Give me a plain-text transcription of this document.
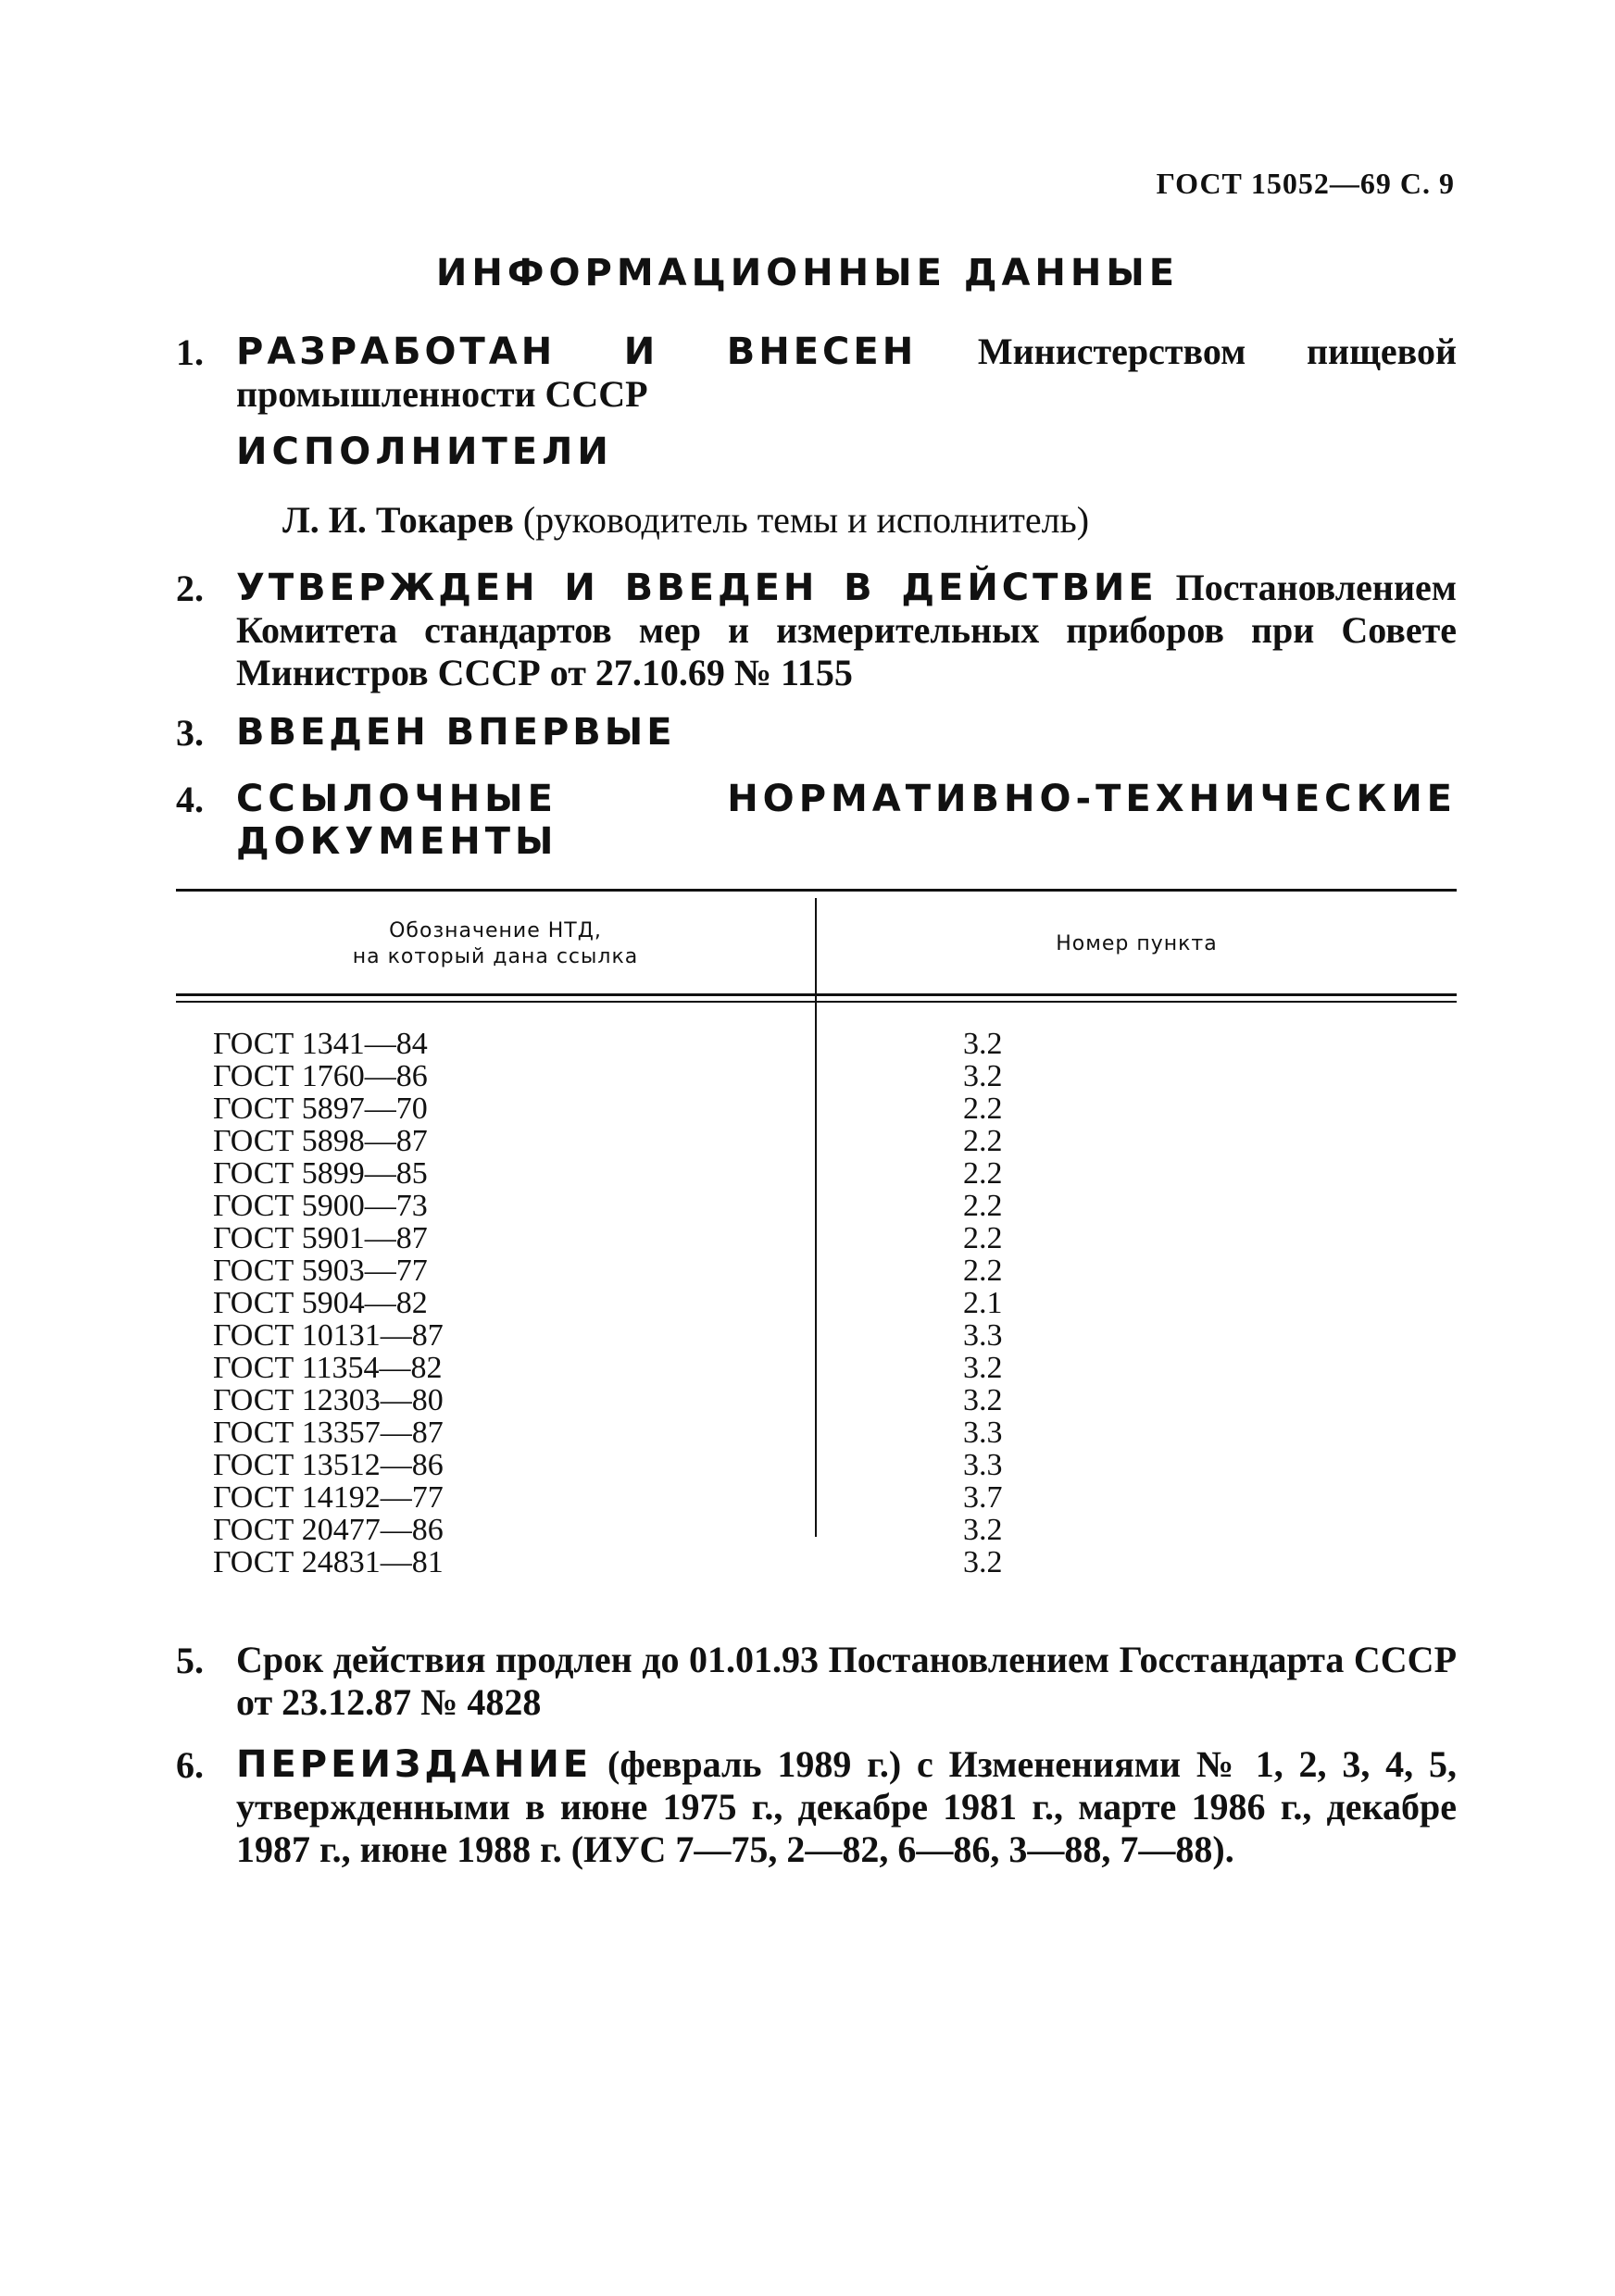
ГОСТ 15052—69 С. 9
ИНФОРМАЦИОННЫЕ ДАННЫЕ
1. РАЗРАБОТАН И ВНЕСЕН Министерством пищевой промышленности СССР
ИСПОЛНИТЕЛИ
Л. И. Токарев (руководитель темы и исполнитель)
2. УТВЕРЖДЕН И ВВЕДЕН В ДЕЙСТВИЕ Постановлением Комитета стандартов мер и измерительных приборов при Совете Министров СССР от 27.10.69 № 1155
3. ВВЕДЕН ВПЕРВЫЕ
4. ССЫЛОЧНЫЕ НОРМАТИВНО-ТЕХНИЧЕСКИЕ ДОКУМЕНТЫ
Обозначение НТД,
на который дана ссылка
Номер пункта
ГОСТ 1341—84	3.2
ГОСТ 1760—86	3.2
ГОСТ 5897—70	2.2
ГОСТ 5898—87	2.2
ГОСТ 5899—85	2.2
ГОСТ 5900—73	2.2
ГОСТ 5901—87	2.2
ГОСТ 5903—77	2.2
ГОСТ 5904—82	2.1
ГОСТ 10131—87	3.3
ГОСТ 11354—82	3.2
ГОСТ 12303—80	3.2
ГОСТ 13357—87	3.3
ГОСТ 13512—86	3.3
ГОСТ 14192—77	3.7
ГОСТ 20477—86	3.2
ГОСТ 24831—81	3.2
5. Срок действия продлен до 01.01.93 Постановлением Госстандарта СССР от 23.12.87 № 4828
6. ПЕРЕИЗДАНИЕ (февраль 1989 г.) с Изменениями № 1, 2, 3, 4, 5, утвержденными в июне 1975 г., декабре 1981 г., марте 1986 г., декабре 1987 г., июне 1988 г. (ИУС 7—75, 2—82, 6—86, 3—88, 7—88).
